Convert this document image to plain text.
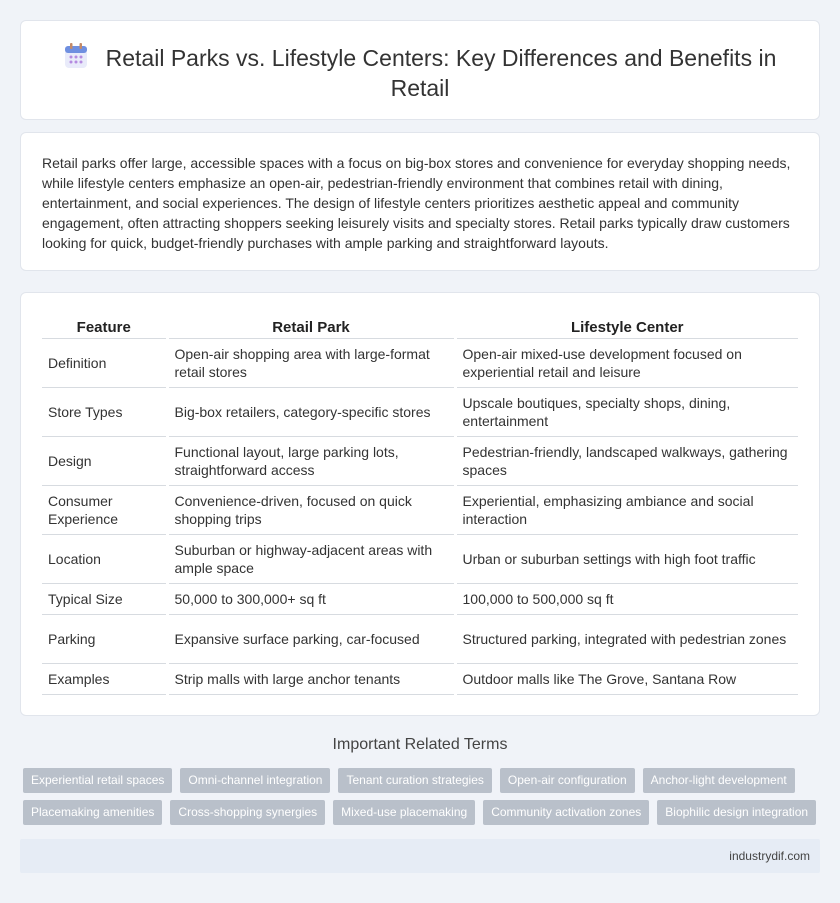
Retail Parks vs. Lifestyle Centers: Key Differences and Benefits in Retail

Retail parks offer large, accessible spaces with a focus on big-box stores and convenience for everyday shopping needs, while lifestyle centers emphasize an open-air, pedestrian-friendly environment that combines retail with dining, entertainment, and social experiences. The design of lifestyle centers prioritizes aesthetic appeal and community engagement, often attracting shoppers seeking leisurely visits and specialty stores. Retail parks typically draw customers looking for quick, budget-friendly purchases with ample parking and straightforward layouts.

Feature	Retail Park	Lifestyle Center
Definition	Open-air shopping area with large-format retail stores	Open-air mixed-use development focused on experiential retail and leisure
Store Types	Big-box retailers, category-specific stores	Upscale boutiques, specialty shops, dining, entertainment
Design	Functional layout, large parking lots, straightforward access	Pedestrian-friendly, landscaped walkways, gathering spaces
Consumer Experience	Convenience-driven, focused on quick shopping trips	Experiential, emphasizing ambiance and social interaction
Location	Suburban or highway-adjacent areas with ample space	Urban or suburban settings with high foot traffic
Typical Size	50,000 to 300,000+ sq ft	100,000 to 500,000 sq ft
Parking	Expansive surface parking, car-focused	Structured parking, integrated with pedestrian zones
Examples	Strip malls with large anchor tenants	Outdoor malls like The Grove, Santana Row
Important Related Terms
Experiential retail spaces	Omni-channel integration	Tenant curation strategies	Open-air configuration	Anchor-light development
Placemaking amenities	Cross-shopping synergies	Mixed-use placemaking	Community activation zones	Biophilic design integration
industrydif.com
